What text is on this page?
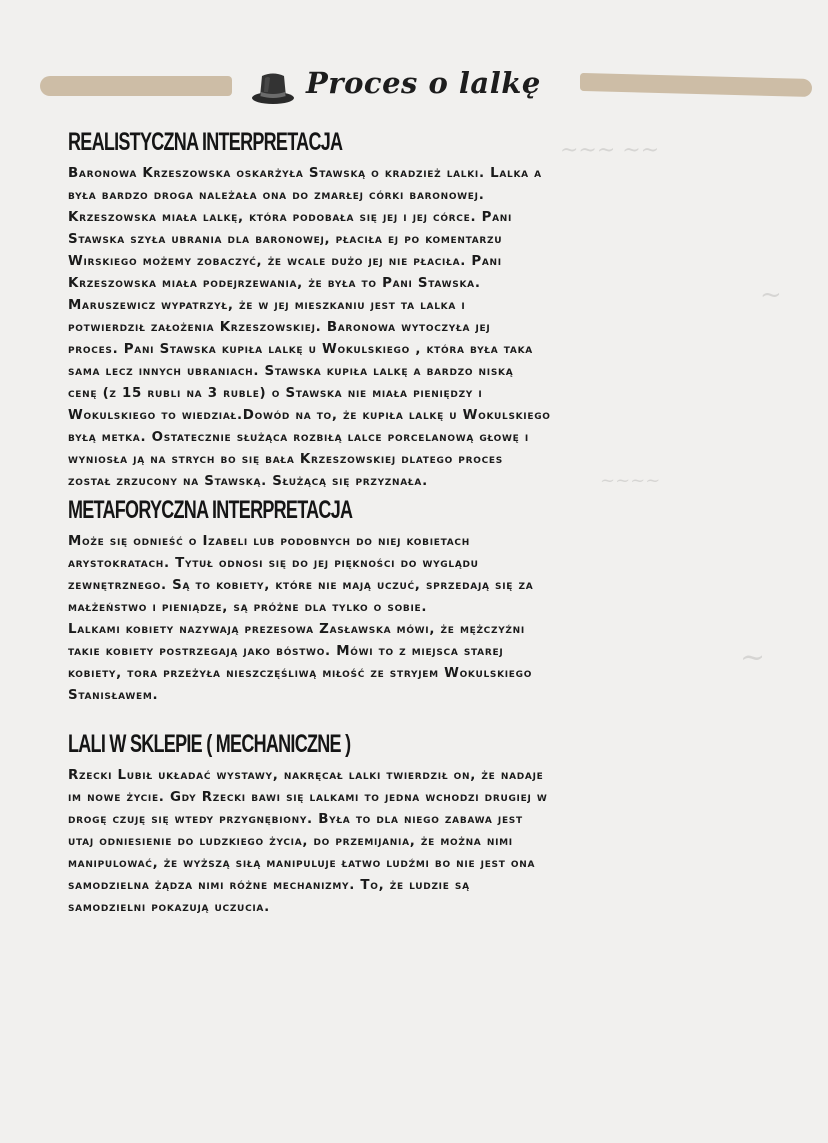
~~~ ~~
~
~
~~~~
Proces o lalkę
REALISTYCZNA INTERPRETACJA
Baronowa Krzeszowska oskarżyła Stawską o kradzież lalki. Lalka a
była bardzo droga należała ona do zmarłej córki baronowej.
Krzeszowska miała lalkę, która podobała się jej i jej córce. Pani
Stawska szyła ubrania dla baronowej, płaciła ej po komentarzu
Wirskiego możemy zobaczyć, że wcale dużo jej nie płaciła. Pani
Krzeszowska miała podejrzewania, że była to Pani Stawska.
Maruszewicz wypatrzył, że w jej mieszkaniu jest ta lalka i
potwierdził założenia Krzeszowskiej. Baronowa wytoczyła jej
proces. Pani Stawska kupiła lalkę u Wokulskiego , która była taka
sama lecz innych ubraniach. Stawska kupiła lalkę a bardzo niską
cenę (z 15 rubli na 3 ruble) o Stawska nie miała pieniędzy i
Wokulskiego to wiedział.Dowód na to, że kupiła lalkę u Wokulskiego
byłą metka. Ostatecznie służąca rozbiłą lalce porcelanową głowę i
wyniosła ją na strych bo się bała Krzeszowskiej dlatego proces
został zrzucony na Stawską. Służącą się przyznała.
METAFORYCZNA INTERPRETACJA
Może się odnieść o Izabeli lub podobnych do niej kobietach
arystokratach. Tytuł odnosi się do jej piękności do wyglądu
zewnętrznego. Są to kobiety, które nie mają uczuć, sprzedają się za
małżeństwo i pieniądze, są próżne dla tylko o sobie.
Lalkami kobiety nazywają prezesowa Zasławska mówi, że mężczyźni
takie kobiety postrzegają jako bóstwo. Mówi to z miejsca starej
kobiety, tora przeżyła nieszczęśliwą miłość ze stryjem Wokulskiego
Stanisławem.
LALI W SKLEPIE ( MECHANICZNE )
Rzecki Lubił układać wystawy, nakręcał lalki twierdził on, że nadaje
im nowe życie. Gdy Rzecki bawi się lalkami to jedna wchodzi drugiej w
drogę czuję się wtedy przygnębiony. Była to dla niego zabawa jest
utaj odniesienie do ludzkiego życia, do przemijania, że można nimi
manipulować, że wyższą siłą manipuluje łatwo ludźmi bo nie jest ona
samodzielna żądza nimi różne mechanizmy. To, że ludzie są
samodzielni pokazują uczucia.
